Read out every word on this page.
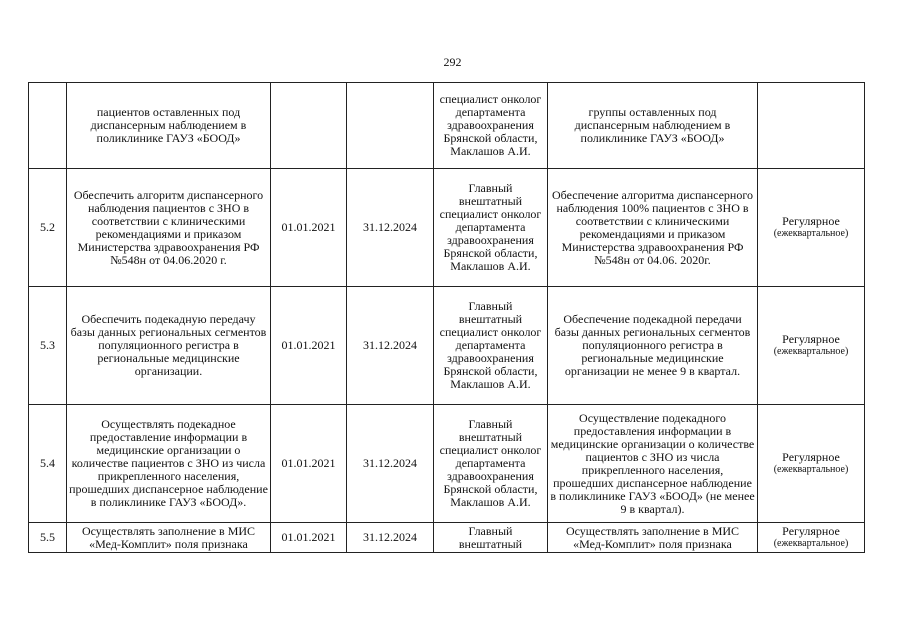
292
	пациентов оставленных под диспансерным наблюдением в поликлинике ГАУЗ «БООД»			специалист онколог департамента здравоохранения Брянской области, Маклашов А.И.	группы оставленных под диспансерным наблюдением в поликлинике ГАУЗ «БООД»	

5.2	Обеспечить алгоритм диспансерного наблюдения пациентов с ЗНО в соответствии с клиническими рекомендациями и приказом Министерства здравоохранения РФ №548н от 04.06.2020 г.	01.01.2021	31.12.2024	Главный внештатный специалист онколог департамента здравоохранения Брянской области, Маклашов А.И.	Обеспечение алгоритма диспансерного наблюдения 100% пациентов с ЗНО в соответствии с клиническими рекомендациями и приказом Министерства здравоохранения РФ №548н от 04.06. 2020г.	Регулярное
(ежеквартальное)

5.3	Обеспечить подекадную передачу базы данных региональных сегментов популяционного регистра в региональные медицинские организации.	01.01.2021	31.12.2024	Главный внештатный специалист онколог департамента здравоохранения Брянской области, Маклашов А.И.	Обеспечение подекадной передачи базы данных региональных сегментов популяционного регистра в региональные медицинские организации не менее 9 в квартал.	Регулярное
(ежеквартальное)

5.4	Осуществлять подекадное предоставление информации в медицинские организации о количестве пациентов с ЗНО из числа прикрепленного населения, прошедших диспансерное наблюдение в поликлинике ГАУЗ «БООД».	01.01.2021	31.12.2024	Главный внештатный специалист онколог департамента здравоохранения Брянской области, Маклашов А.И.	Осуществление подекадного предоставления информации в медицинские организации о количестве пациентов с ЗНО из числа прикрепленного населения, прошедших диспансерное наблюдение в поликлинике ГАУЗ «БООД» (не менее 9 в квартал).	Регулярное
(ежеквартальное)

5.5	Осуществлять заполнение в МИС «Мед-Комплит» поля признака	01.01.2021	31.12.2024	Главный внештатный	Осуществлять заполнение в МИС «Мед-Комплит» поля признака	Регулярное
(ежеквартальное)
